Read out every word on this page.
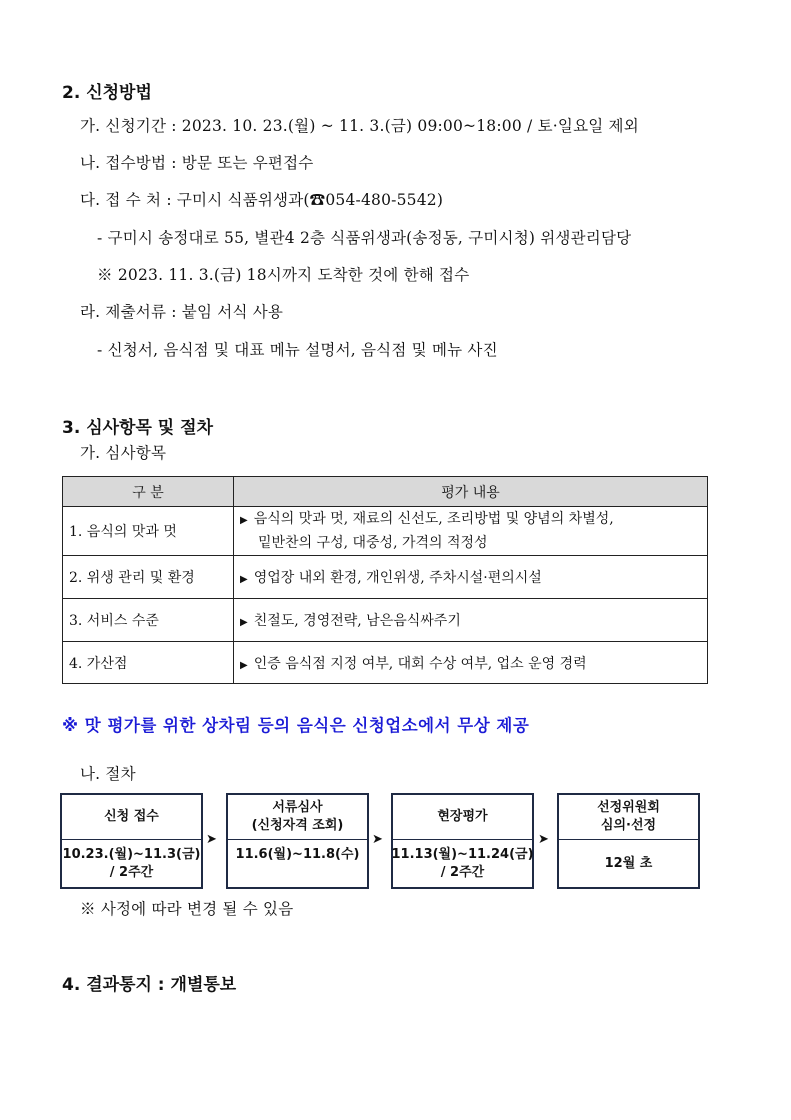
2. 신청방법
가. 신청기간 : 2023. 10. 23.(월) ~ 11. 3.(금) 09:00~18:00 / 토·일요일 제외
나. 접수방법 : 방문 또는 우편접수
다. 접 수 처 : 구미시 식품위생과(☎054-480-5542)
- 구미시 송정대로 55, 별관4 2층 식품위생과(송정동, 구미시청) 위생관리담당
※ 2023. 11. 3.(금) 18시까지 도착한 것에 한해 접수
라. 제출서류 : 붙임 서식 사용
- 신청서, 음식점 및 대표 메뉴 설명서, 음식점 및 메뉴 사진
3. 심사항목 및 절차
가. 심사항목
구 분	평가 내용
1. 음식의 맛과 멋	▶ 음식의 맛과 멋, 재료의 신선도, 조리방법 및 양념의 차별성,
밑반찬의 구성, 대중성, 가격의 적정성

2. 위생 관리 및 환경	▶ 영업장 내외 환경, 개인위생, 주차시설·편의시설
3. 서비스 수준	▶ 친절도, 경영전략, 남은음식싸주기
4. 가산점	▶ 인증 음식점 지정 여부, 대회 수상 여부, 업소 운영 경력
※ 맛 평가를 위한 상차림 등의 음식은 신청업소에서 무상 제공
나. 절차
신청 접수
10.23.(월)~11.3(금)
/ 2주간
➤
서류심사
(신청자격 조회)
11.6(월)~11.8(수)
➤
현장평가
11.13(월)~11.24(금)
/ 2주간
➤
선정위원회
심의·선정
12월 초
※ 사정에 따라 변경 될 수 있음
4. 결과통지 : 개별통보
